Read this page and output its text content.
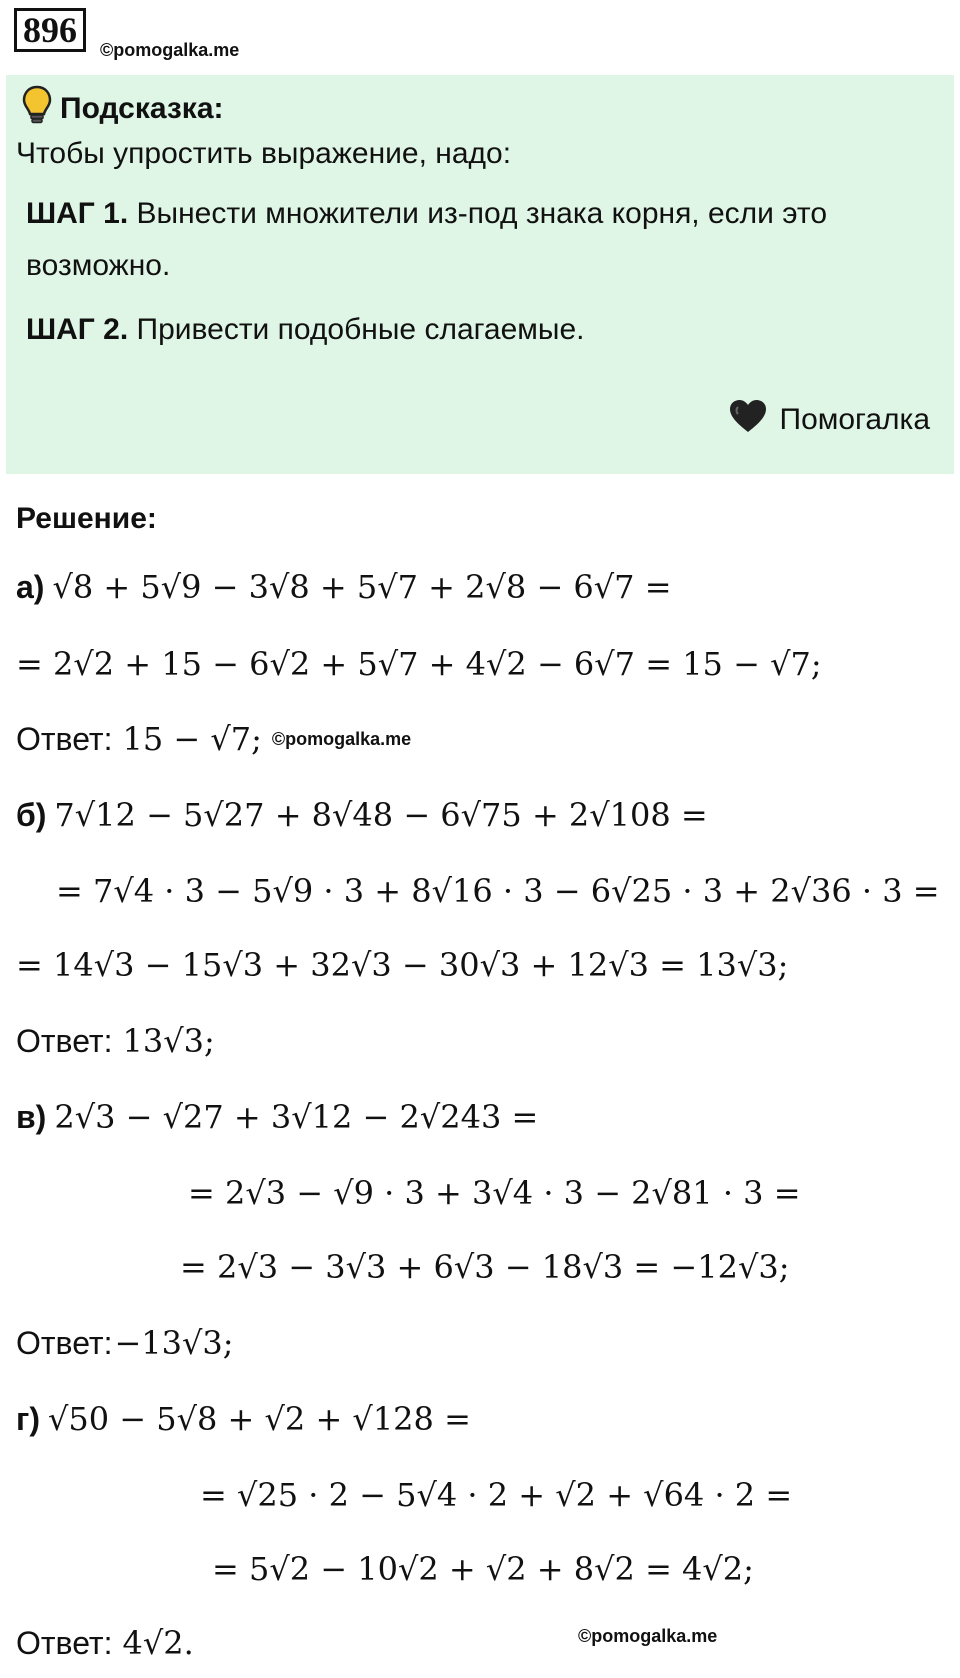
896	©pomogalka.me
Подсказка:
Чтобы упростить выражение, надо:
ШАГ 1. Вынести множители из-под знака корня, если это
возможно.
ШАГ 2. Привести подобные слагаемые.
Помогалка
Решение:
а) √8 + 5√9 − 3√8 + 5√7 + 2√8 − 6√7 =
= 2√2 + 15 − 6√2 + 5√7 + 4√2 − 6√7 = 15 − √7;
Ответ: 15 − √7; ©pomogalka.me
б) 7√12 − 5√27 + 8√48 − 6√75 + 2√108 =
= 7√4 · 3 − 5√9 · 3 + 8√16 · 3 − 6√25 · 3 + 2√36 · 3 =
= 14√3 − 15√3 + 32√3 − 30√3 + 12√3 = 13√3;
Ответ: 13√3;
в) 2√3 − √27 + 3√12 − 2√243 =
= 2√3 − √9 · 3 + 3√4 · 3 − 2√81 · 3 =
= 2√3 − 3√3 + 6√3 − 18√3 = −12√3;
Ответ: −13√3;
г) √50 − 5√8 + √2 + √128 =
= √25 · 2 − 5√4 · 2 + √2 + √64 · 2 =
= 5√2 − 10√2 + √2 + 8√2 = 4√2;
Ответ: 4√2.	©pomogalka.me
